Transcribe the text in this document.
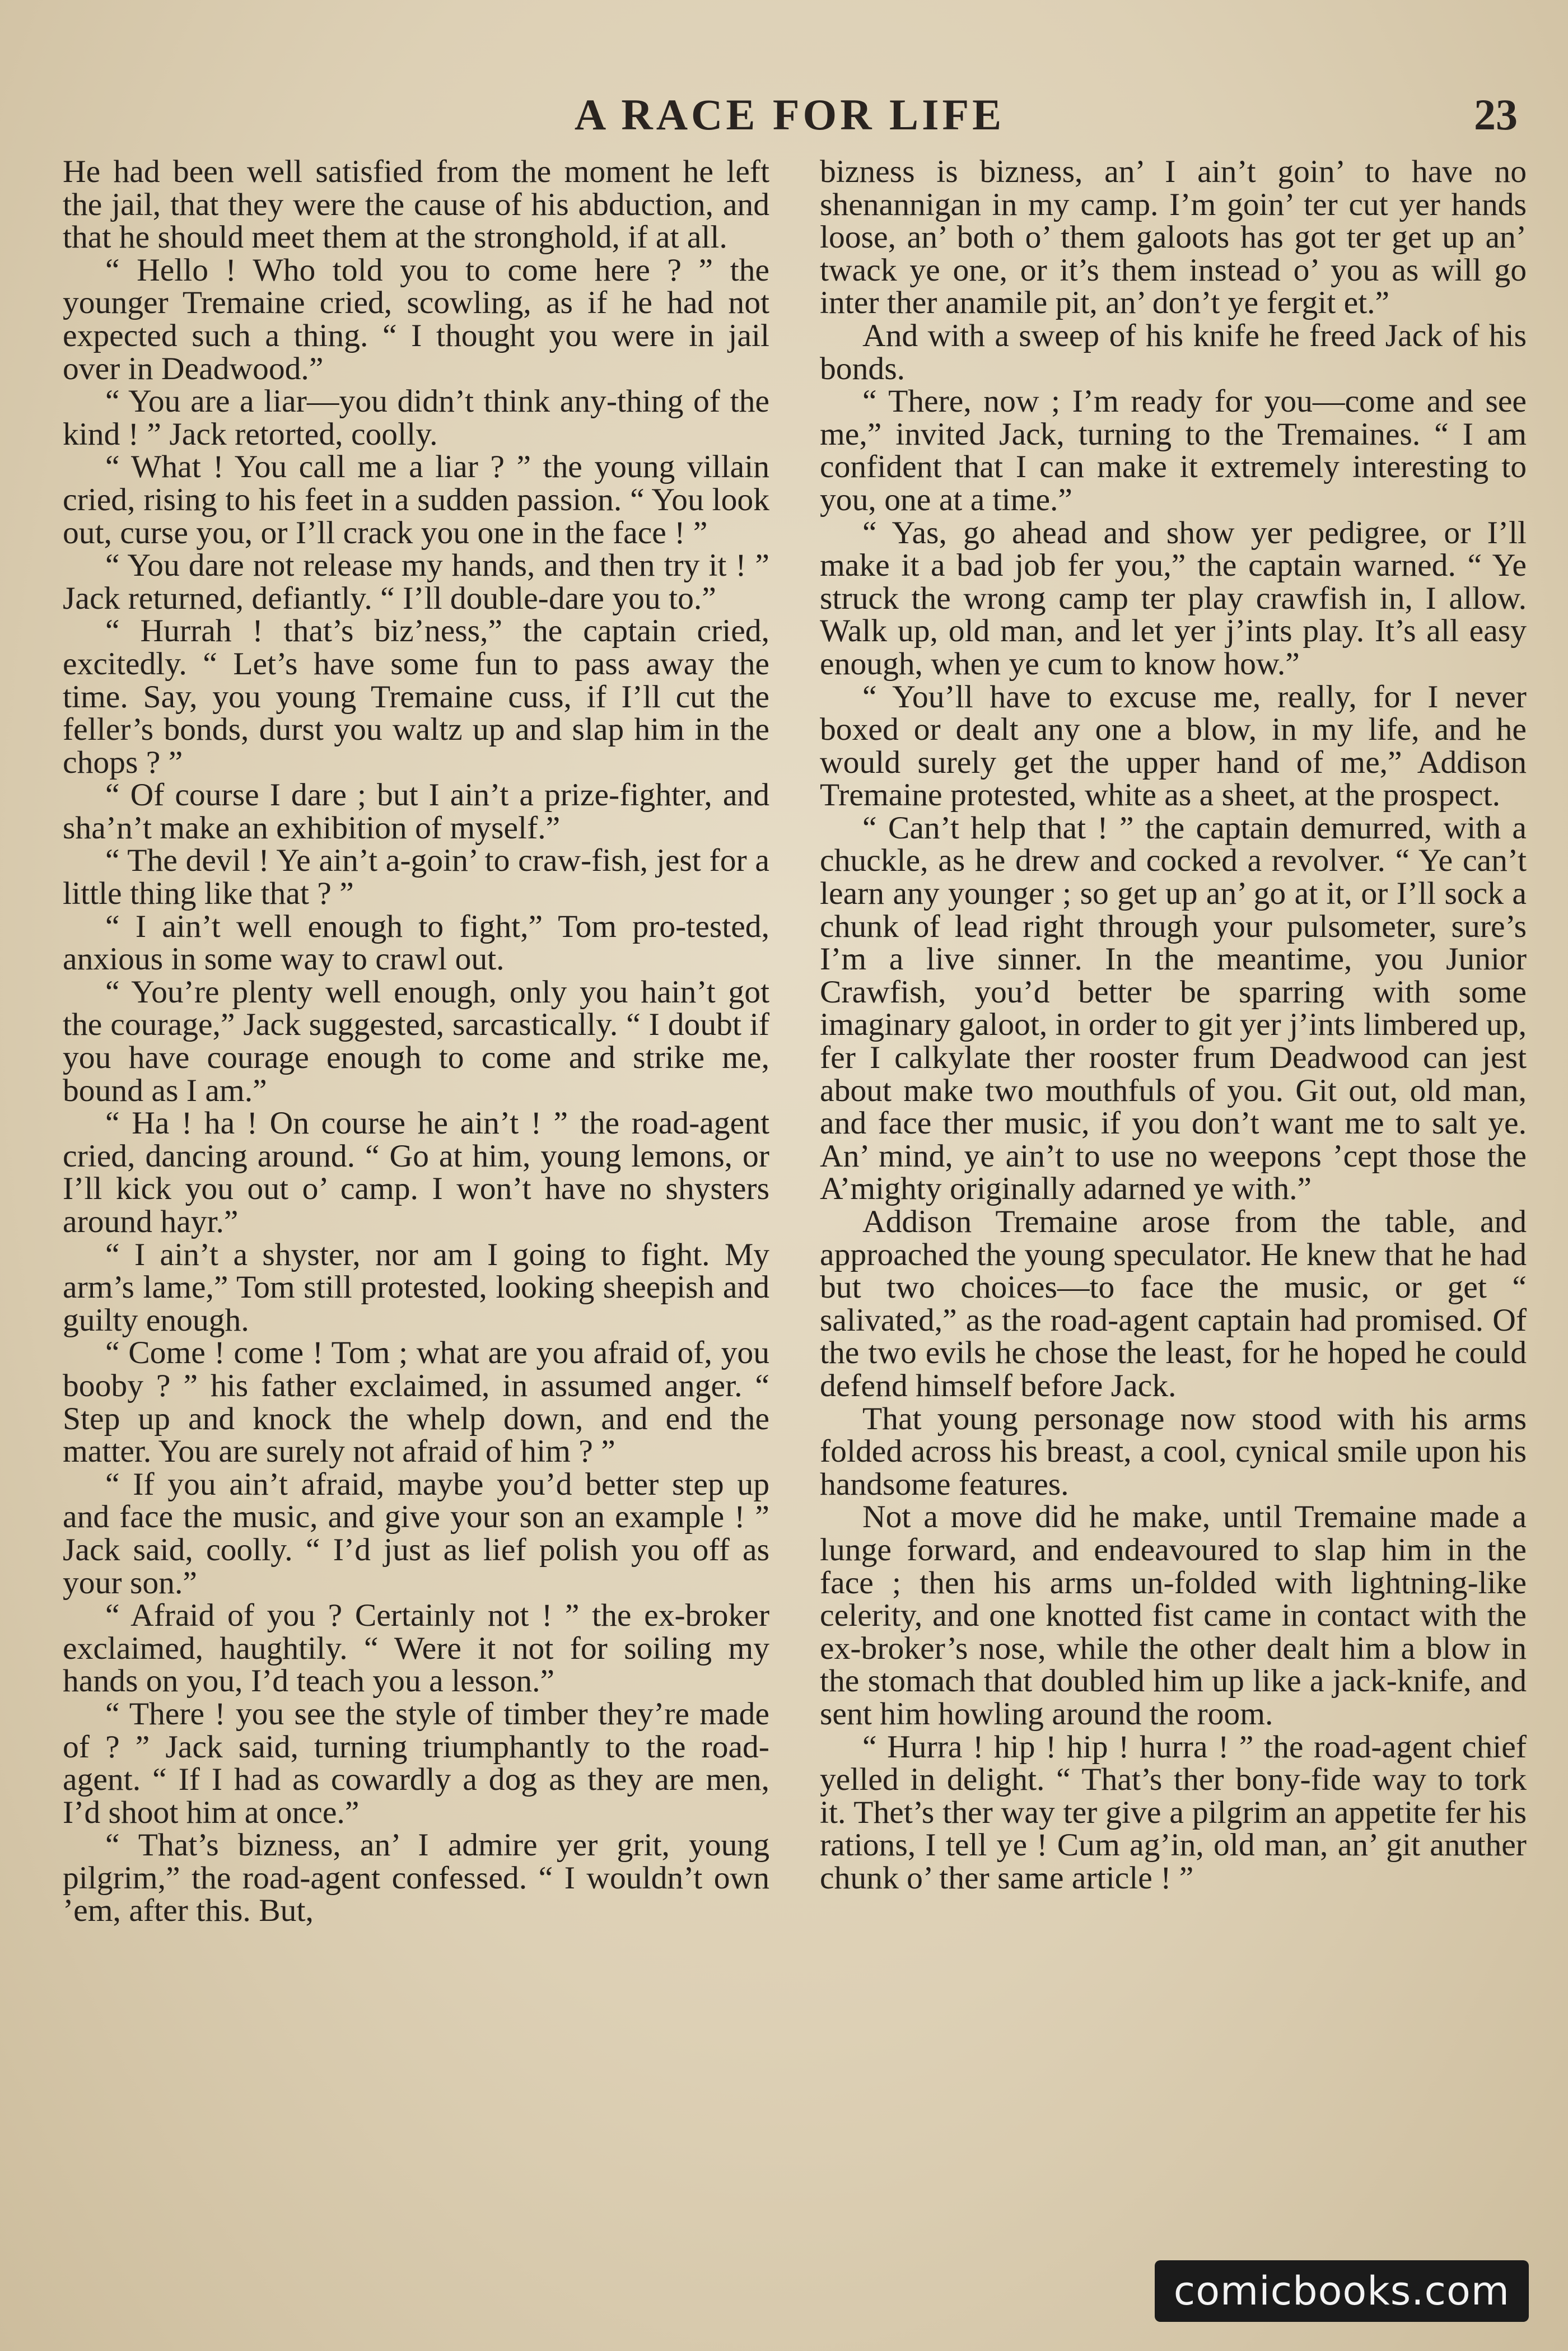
A RACE FOR LIFE	23

He had been well satisfied from the moment he left the jail, that they were the cause of his abduction, and that he should meet them at the stronghold, if at all.

“ Hello ! Who told you to come here ? ” the younger Tremaine cried, scowling, as if he had not expected such a thing. “ I thought you were in jail over in Deadwood.”

“ You are a liar—you didn’t think any-thing of the kind ! ” Jack retorted, coolly.

“ What ! You call me a liar ? ” the young villain cried, rising to his feet in a sudden passion. “ You look out, curse you, or I’ll crack you one in the face ! ”

“ You dare not release my hands, and then try it ! ” Jack returned, defiantly. “ I’ll double-dare you to.”

“ Hurrah ! that’s biz’ness,” the captain cried, excitedly. “ Let’s have some fun to pass away the time. Say, you young Tremaine cuss, if I’ll cut the feller’s bonds, durst you waltz up and slap him in the chops ? ”

“ Of course I dare ; but I ain’t a prize-fighter, and sha’n’t make an exhibition of myself.”

“ The devil ! Ye ain’t a-goin’ to craw-fish, jest for a little thing like that ? ”

“ I ain’t well enough to fight,” Tom pro-tested, anxious in some way to crawl out.

“ You’re plenty well enough, only you hain’t got the courage,” Jack suggested, sarcastically. “ I doubt if you have courage enough to come and strike me, bound as I am.”

“ Ha ! ha ! On course he ain’t ! ” the road-agent cried, dancing around. “ Go at him, young lemons, or I’ll kick you out o’ camp. I won’t have no shysters around hayr.”

“ I ain’t a shyster, nor am I going to fight. My arm’s lame,” Tom still protested, looking sheepish and guilty enough.

“ Come ! come ! Tom ; what are you afraid of, you booby ? ” his father exclaimed, in assumed anger. “ Step up and knock the whelp down, and end the matter. You are surely not afraid of him ? ”

“ If you ain’t afraid, maybe you’d better step up and face the music, and give your son an example ! ” Jack said, coolly. “ I’d just as lief polish you off as your son.”

“ Afraid of you ? Certainly not ! ” the ex-broker exclaimed, haughtily. “ Were it not for soiling my hands on you, I’d teach you a lesson.”

“ There ! you see the style of timber they’re made of ? ” Jack said, turning triumphantly to the road-agent. “ If I had as cowardly a dog as they are men, I’d shoot him at once.”

“ That’s bizness, an’ I admire yer grit, young pilgrim,” the road-agent confessed. “ I wouldn’t own ’em, after this. But,

bizness is bizness, an’ I ain’t goin’ to have no shenannigan in my camp. I’m goin’ ter cut yer hands loose, an’ both o’ them galoots has got ter get up an’ twack ye one, or it’s them instead o’ you as will go inter ther anamile pit, an’ don’t ye fergit et.”

And with a sweep of his knife he freed Jack of his bonds.

“ There, now ; I’m ready for you—come and see me,” invited Jack, turning to the Tremaines. “ I am confident that I can make it extremely interesting to you, one at a time.”

“ Yas, go ahead and show yer pedigree, or I’ll make it a bad job fer you,” the captain warned. “ Ye struck the wrong camp ter play crawfish in, I allow. Walk up, old man, and let yer j’ints play. It’s all easy enough, when ye cum to know how.”

“ You’ll have to excuse me, really, for I never boxed or dealt any one a blow, in my life, and he would surely get the upper hand of me,” Addison Tremaine protested, white as a sheet, at the prospect.

“ Can’t help that ! ” the captain demurred, with a chuckle, as he drew and cocked a revolver. “ Ye can’t learn any younger ; so get up an’ go at it, or I’ll sock a chunk of lead right through your pulsometer, sure’s I’m a live sinner. In the meantime, you Junior Crawfish, you’d better be sparring with some imaginary galoot, in order to git yer j’ints limbered up, fer I calkylate ther rooster frum Deadwood can jest about make two mouthfuls of you. Git out, old man, and face ther music, if you don’t want me to salt ye. An’ mind, ye ain’t to use no weepons ’cept those the A’mighty originally adarned ye with.”

Addison Tremaine arose from the table, and approached the young speculator. He knew that he had but two choices—to face the music, or get “ salivated,” as the road-agent captain had promised. Of the two evils he chose the least, for he hoped he could defend himself before Jack.

That young personage now stood with his arms folded across his breast, a cool, cynical smile upon his handsome features.

Not a move did he make, until Tremaine made a lunge forward, and endeavoured to slap him in the face ; then his arms un-folded with lightning-like celerity, and one knotted fist came in contact with the ex-broker’s nose, while the other dealt him a blow in the stomach that doubled him up like a jack-knife, and sent him howling around the room.

“ Hurra ! hip ! hip ! hurra ! ” the road-agent chief yelled in delight. “ That’s ther bony-fide way to tork it. Thet’s ther way ter give a pilgrim an appetite fer his rations, I tell ye ! Cum ag’in, old man, an’ git anuther chunk o’ ther same article ! ”

comicbooks.com
